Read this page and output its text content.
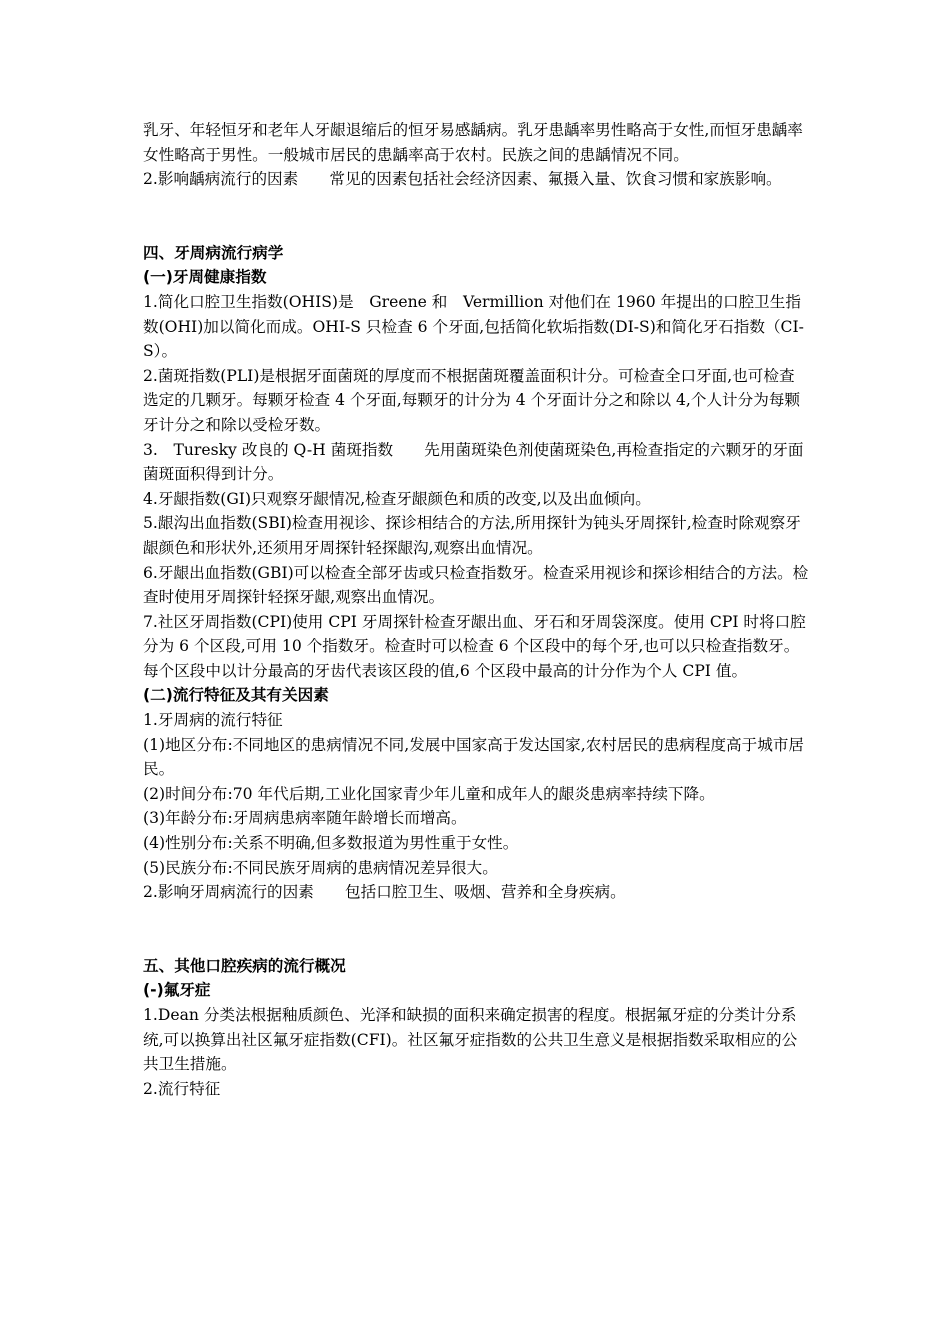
乳牙、年轻恒牙和老年人牙龈退缩后的恒牙易感龋病。乳牙患龋率男性略高于女性,而恒牙患龋率女性略高于男性。一般城市居民的患龋率高于农村。民族之间的患龋情况不同。

2.影响龋病流行的因素　　常见的因素包括社会经济因素、氟摄入量、饮食习惯和家族影响。

四、牙周病流行病学

(一)牙周健康指数

1.简化口腔卫生指数(OHIS)是　Greene 和　Vermillion 对他们在 1960 年提出的口腔卫生指数(OHI)加以简化而成。OHI-S 只检查 6 个牙面,包括简化软垢指数(DI-S)和简化牙石指数（CI-S）。

2.菌斑指数(PLI)是根据牙面菌斑的厚度而不根据菌斑覆盖面积计分。可检查全口牙面,也可检查选定的几颗牙。每颗牙检查 4 个牙面,每颗牙的计分为 4 个牙面计分之和除以 4,个人计分为每颗牙计分之和除以受检牙数。

3.　Turesky 改良的 Q-H 菌斑指数　　先用菌斑染色剂使菌斑染色,再检查指定的六颗牙的牙面菌斑面积得到计分。

4.牙龈指数(GI)只观察牙龈情况,检查牙龈颜色和质的改变,以及出血倾向。

5.龈沟出血指数(SBI)检查用视诊、探诊相结合的方法,所用探针为钝头牙周探针,检查时除观察牙龈颜色和形状外,还须用牙周探针轻探龈沟,观察出血情况。

6.牙龈出血指数(GBI)可以检查全部牙齿或只检查指数牙。检查采用视诊和探诊相结合的方法。检查时使用牙周探针轻探牙龈,观察出血情况。

7.社区牙周指数(CPI)使用 CPI 牙周探针检查牙龈出血、牙石和牙周袋深度。使用 CPI 时将口腔分为 6 个区段,可用 10 个指数牙。检查时可以检查 6 个区段中的每个牙,也可以只检查指数牙。每个区段中以计分最高的牙齿代表该区段的值,6 个区段中最高的计分作为个人 CPI 值。

(二)流行特征及其有关因素

1.牙周病的流行特征

(1)地区分布:不同地区的患病情况不同,发展中国家高于发达国家,农村居民的患病程度高于城市居民。

(2)时间分布:70 年代后期,工业化国家青少年儿童和成年人的龈炎患病率持续下降。

(3)年龄分布:牙周病患病率随年龄增长而增高。

(4)性别分布:关系不明确,但多数报道为男性重于女性。

(5)民族分布:不同民族牙周病的患病情况差异很大。

2.影响牙周病流行的因素　　包括口腔卫生、吸烟、营养和全身疾病。

五、其他口腔疾病的流行概况

(-)氟牙症

1.Dean 分类法根据釉质颜色、光泽和缺损的面积来确定损害的程度。根据氟牙症的分类计分系统,可以换算出社区氟牙症指数(CFI)。社区氟牙症指数的公共卫生意义是根据指数采取相应的公共卫生措施。

2.流行特征
